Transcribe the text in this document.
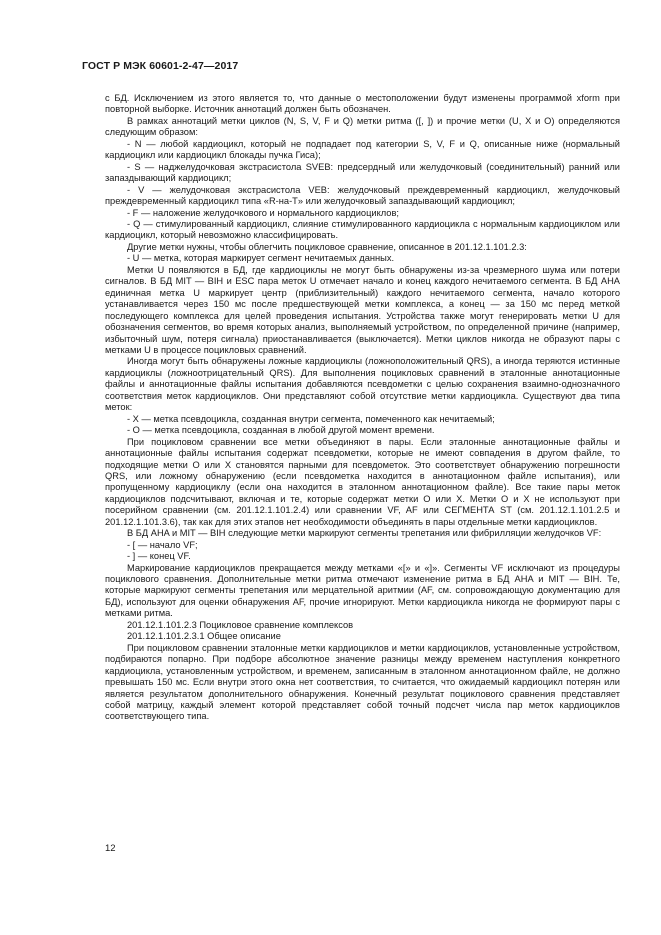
ГОСТ Р МЭК 60601-2-47—2017

с БД. Исключением из этого является то, что данные о местоположении будут изменены программой xform при повторной выборке. Источник аннотаций должен быть обозначен.

В рамках аннотаций метки циклов (N, S, V, F и Q) метки ритма ([, ]) и прочие метки (U, X и O) определяются следующим образом:

- N — любой кардиоцикл, который не подпадает под категории S, V, F и Q, описанные ниже (нормальный кардиоцикл или кардиоцикл блокады пучка Гиса);

- S — наджелудочковая экстрасистола SVEB: предсердный или желудочковый (соединительный) ранний или запаздывающий кардиоцикл;

- V — желудочковая экстрасистола VEB: желудочковый преждевременный кардиоцикл, желудочковый преждевременный кардиоцикл типа «R-на-T» или желудочковый запаздывающий кардиоцикл;

- F — наложение желудочкового и нормального кардиоциклов;

- Q — стимулированный кардиоцикл, слияние стимулированного кардиоцикла с нормальным кардиоциклом или кардиоцикл, который невозможно классифицировать.

Другие метки нужны, чтобы облегчить поцикловое сравнение, описанное в 201.12.1.101.2.3:

- U — метка, которая маркирует сегмент нечитаемых данных.

Метки U появляются в БД, где кардиоциклы не могут быть обнаружены из-за чрезмерного шума или потери сигналов. В БД MIT — BIH и ESC пара меток U отмечает начало и конец каждого нечитаемого сегмента. В БД AHA единичная метка U маркирует центр (приблизительный) каждого нечитаемого сегмента, начало которого устанавливается через 150 мс после предшествующей метки комплекса, а конец — за 150 мс перед меткой последующего комплекса для целей проведения испытания. Устройства также могут генерировать метки U для обозначения сегментов, во время которых анализ, выполняемый устройством, по определенной причине (например, избыточный шум, потеря сигнала) приостанавливается (выключается). Метки циклов никогда не образуют пары с метками U в процессе поцикловых сравнений.

Иногда могут быть обнаружены ложные кардиоциклы (ложноположительный QRS), а иногда теряются истинные кардиоциклы (ложноотрицательный QRS). Для выполнения поцикловых сравнений в эталонные аннотационные файлы и аннотационные файлы испытания добавляются псевдометки с целью сохранения взаимно-однозначного соответствия меток кардиоциклов. Они представляют собой отсутствие метки кардиоцикла. Существуют два типа меток:

- X — метка псевдоцикла, созданная внутри сегмента, помеченного как нечитаемый;

- O — метка псевдоцикла, созданная в любой другой момент времени.

При поцикловом сравнении все метки объединяют в пары. Если эталонные аннотационные файлы и аннотационные файлы испытания содержат псевдометки, которые не имеют совпадения в другом файле, то подходящие метки O или X становятся парными для псевдометок. Это соответствует обнаружению погрешности QRS, или ложному обнаружению (если псевдометка находится в аннотационном файле испытания), или пропущенному кардиоциклу (если она находится в эталонном аннотационном файле). Все такие пары меток кардиоциклов подсчитывают, включая и те, которые содержат метки O или X. Метки O и X не используют при посерийном сравнении (см. 201.12.1.101.2.4) или сравнении VF, AF или СЕГМЕНТА ST (см. 201.12.1.101.2.5 и 201.12.1.101.3.6), так как для этих этапов нет необходимости объединять в пары отдельные метки кардиоциклов.

В БД AHA и MIT — BIH следующие метки маркируют сегменты трепетания или фибрилляции желудочков VF:

- [ — начало VF;

- ] — конец VF.

Маркирование кардиоциклов прекращается между метками «[» и «]». Сегменты VF исключают из процедуры поциклового сравнения. Дополнительные метки ритма отмечают изменение ритма в БД AHA и MIT — BIH. Те, которые маркируют сегменты трепетания или мерцательной аритмии (AF, см. сопровождающую документацию для БД), используют для оценки обнаружения AF, прочие игнорируют. Метки кардиоцикла никогда не формируют пары с метками ритма.

201.12.1.101.2.3 Поцикловое сравнение комплексов

201.12.1.101.2.3.1 Общее описание

При поцикловом сравнении эталонные метки кардиоциклов и метки кардиоциклов, установленные устройством, подбираются попарно. При подборе абсолютное значение разницы между временем наступления конкретного кардиоцикла, установленным устройством, и временем, записанным в эталонном аннотационном файле, не должно превышать 150 мс. Если внутри этого окна нет соответствия, то считается, что ожидаемый кардиоцикл потерян или является результатом дополнительного обнаружения. Конечный результат поциклового сравнения представляет собой матрицу, каждый элемент которой представляет собой точный подсчет числа пар меток кардиоциклов соответствующего типа.

12
